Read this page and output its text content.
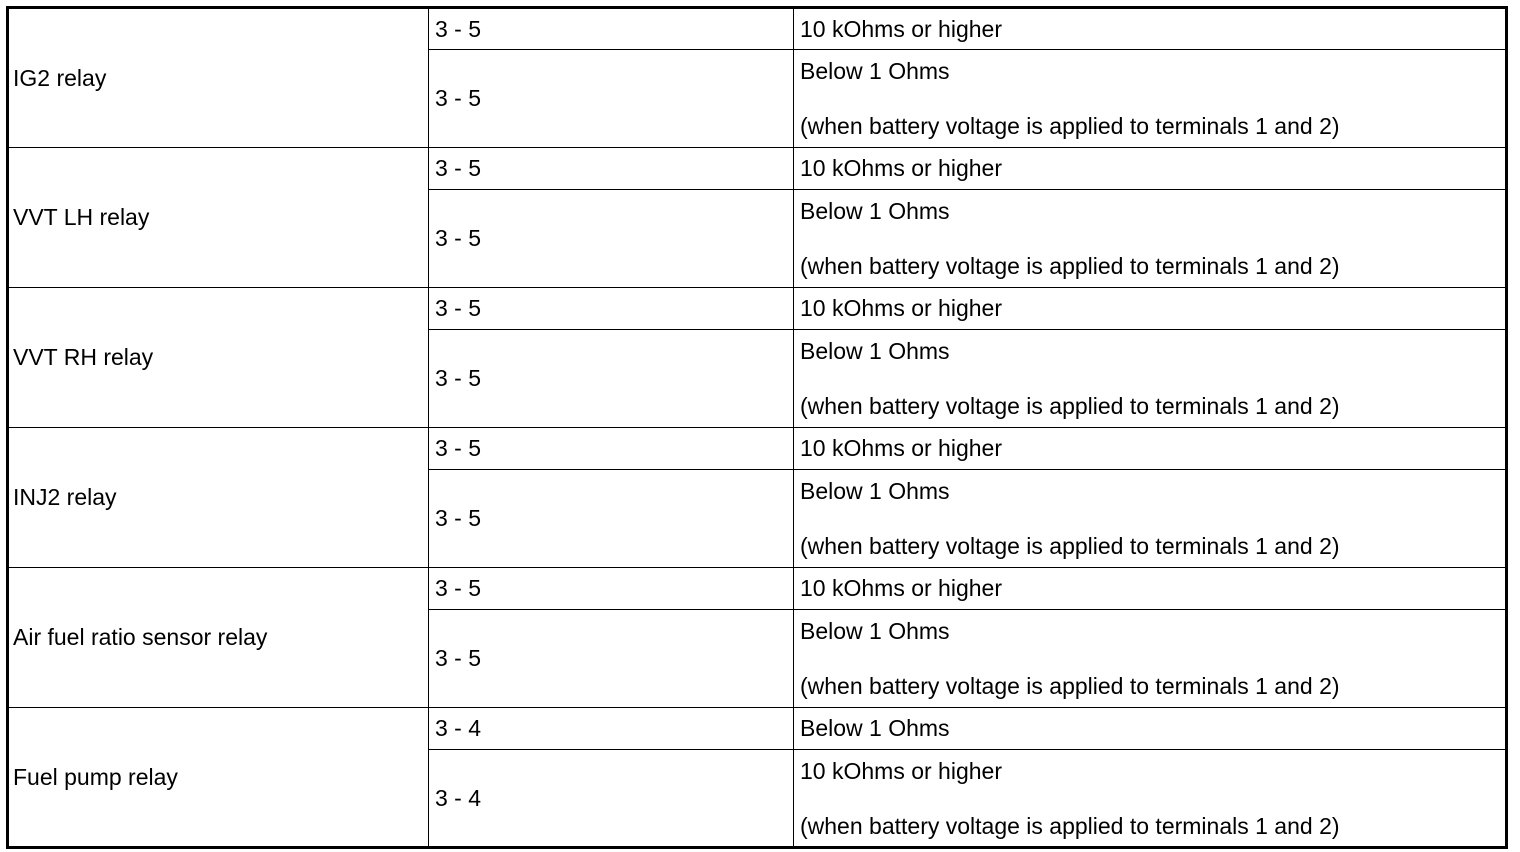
IG2 relay	3 - 5	10 kOhms or higher
	3 - 5	Below 1 Ohms
(when battery voltage is applied to terminals 1 and 2)

VVT LH relay	3 - 5	10 kOhms or higher
	3 - 5	Below 1 Ohms
(when battery voltage is applied to terminals 1 and 2)

VVT RH relay	3 - 5	10 kOhms or higher
	3 - 5	Below 1 Ohms
(when battery voltage is applied to terminals 1 and 2)

INJ2 relay	3 - 5	10 kOhms or higher
	3 - 5	Below 1 Ohms
(when battery voltage is applied to terminals 1 and 2)

Air fuel ratio sensor relay	3 - 5	10 kOhms or higher
	3 - 5	Below 1 Ohms
(when battery voltage is applied to terminals 1 and 2)

Fuel pump relay	3 - 4	Below 1 Ohms
	3 - 4	10 kOhms or higher
(when battery voltage is applied to terminals 1 and 2)
